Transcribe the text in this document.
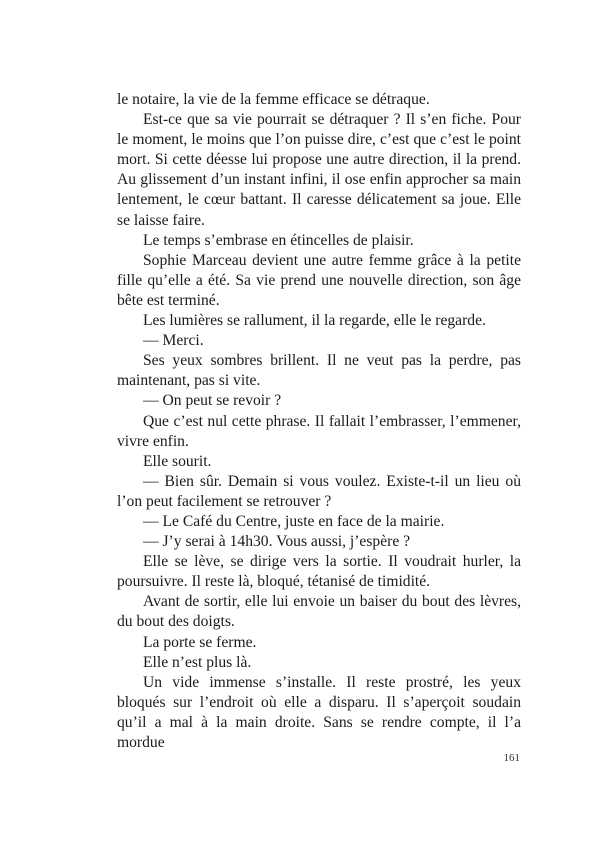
le notaire, la vie de la femme efficace se détraque.

Est-ce que sa vie pourrait se détraquer ? Il s’en fiche. Pour le moment, le moins que l’on puisse dire, c’est que c’est le point mort. Si cette déesse lui propose une autre direction, il la prend. Au glissement d’un instant infini, il ose enfin approcher sa main lentement, le cœur battant. Il caresse délicatement sa joue. Elle se laisse faire.

Le temps s’embrase en étincelles de plaisir.

Sophie Marceau devient une autre femme grâce à la petite fille qu’elle a été. Sa vie prend une nouvelle direction, son âge bête est terminé.

Les lumières se rallument, il la regarde, elle le regarde.

— Merci.

Ses yeux sombres brillent. Il ne veut pas la perdre, pas maintenant, pas si vite.

— On peut se revoir ?

Que c’est nul cette phrase. Il fallait l’embrasser, l’emmener, vivre enfin.

Elle sourit.

— Bien sûr. Demain si vous voulez. Existe-t-il un lieu où l’on peut facilement se retrouver ?

— Le Café du Centre, juste en face de la mairie.

— J’y serai à 14h30. Vous aussi, j’espère ?

Elle se lève, se dirige vers la sortie. Il voudrait hurler, la poursuivre. Il reste là, bloqué, tétanisé de timidité.

Avant de sortir, elle lui envoie un baiser du bout des lèvres, du bout des doigts.

La porte se ferme.

Elle n’est plus là.

Un vide immense s’installe. Il reste prostré, les yeux bloqués sur l’endroit où elle a disparu. Il s’aperçoit soudain qu’il a mal à la main droite. Sans se rendre compte, il l’a mordue

161
